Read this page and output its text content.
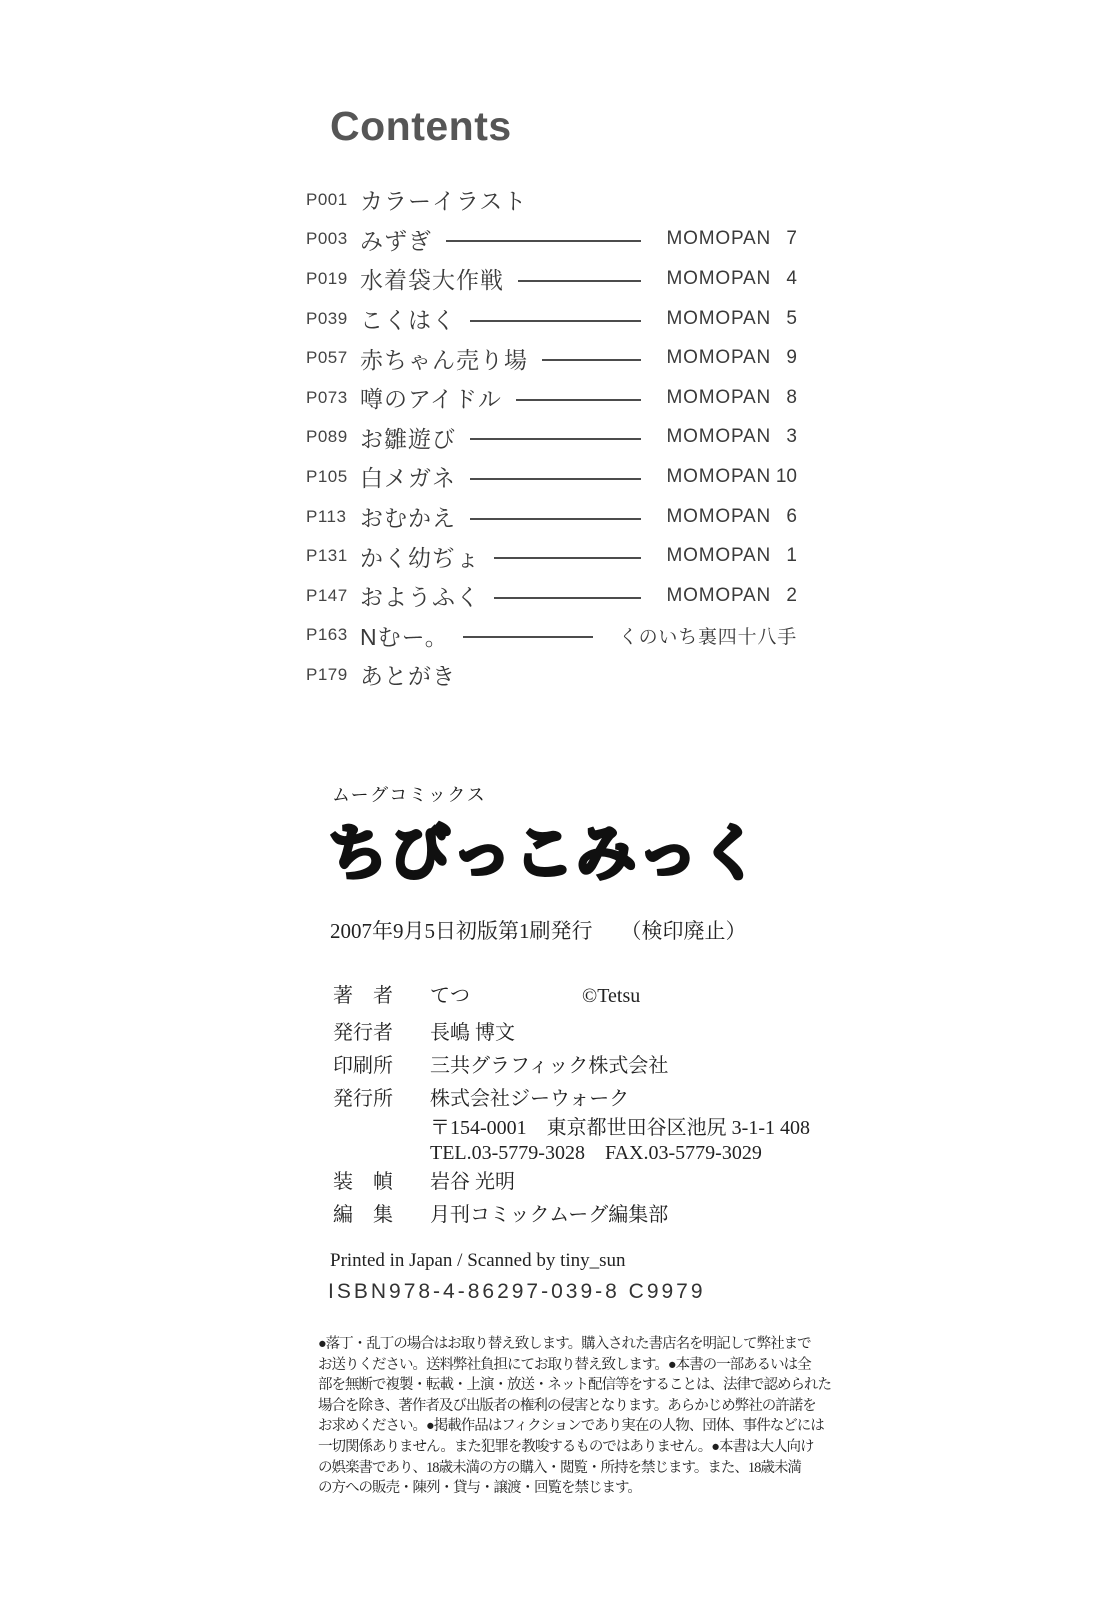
Contents
P001 カラーイラスト
P003 みずぎ	MOMOPAN 7
P019 水着袋大作戦	MOMOPAN 4
P039 こくはく	MOMOPAN 5
P057 赤ちゃん売り場	MOMOPAN 9
P073 噂のアイドル	MOMOPAN 8
P089 お雛遊び	MOMOPAN 3
P105 白メガネ	MOMOPAN 10
P113 おむかえ	MOMOPAN 6
P131 かく幼ぢょ	MOMOPAN 1
P147 おようふく	MOMOPAN 2
P163 Nむー。	くのいち裏四十八手
P179 あとがき
ムーグコミックス
ちびっこみっく
2007年9月5日初版第1刷発行 （検印廃止）
著　者 てつ	©Tetsu
発行者 長嶋 博文
印刷所 三共グラフィック株式会社
発行所 株式会社ジーウォーク
〒154-0001　東京都世田谷区池尻 3-1-1 408
TEL.03-5779-3028　FAX.03-5779-3029
装　幀 岩谷 光明
編　集 月刊コミックムーグ編集部
Printed in Japan / Scanned by tiny_sun
ISBN978-4-86297-039-8 C9979
●落丁・乱丁の場合はお取り替え致します。購入された書店名を明記して弊社まで
お送りください。送料弊社負担にてお取り替え致します。●本書の一部あるいは全
部を無断で複製・転載・上演・放送・ネット配信等をすることは、法律で認められた
場合を除き、著作者及び出版者の権利の侵害となります。あらかじめ弊社の許諾を
お求めください。●掲載作品はフィクションであり実在の人物、団体、事件などには
一切関係ありません。また犯罪を教唆するものではありません。●本書は大人向け
の娯楽書であり、18歳未満の方の購入・閲覧・所持を禁じます。また、18歳未満
の方への販売・陳列・貸与・譲渡・回覧を禁じます。
